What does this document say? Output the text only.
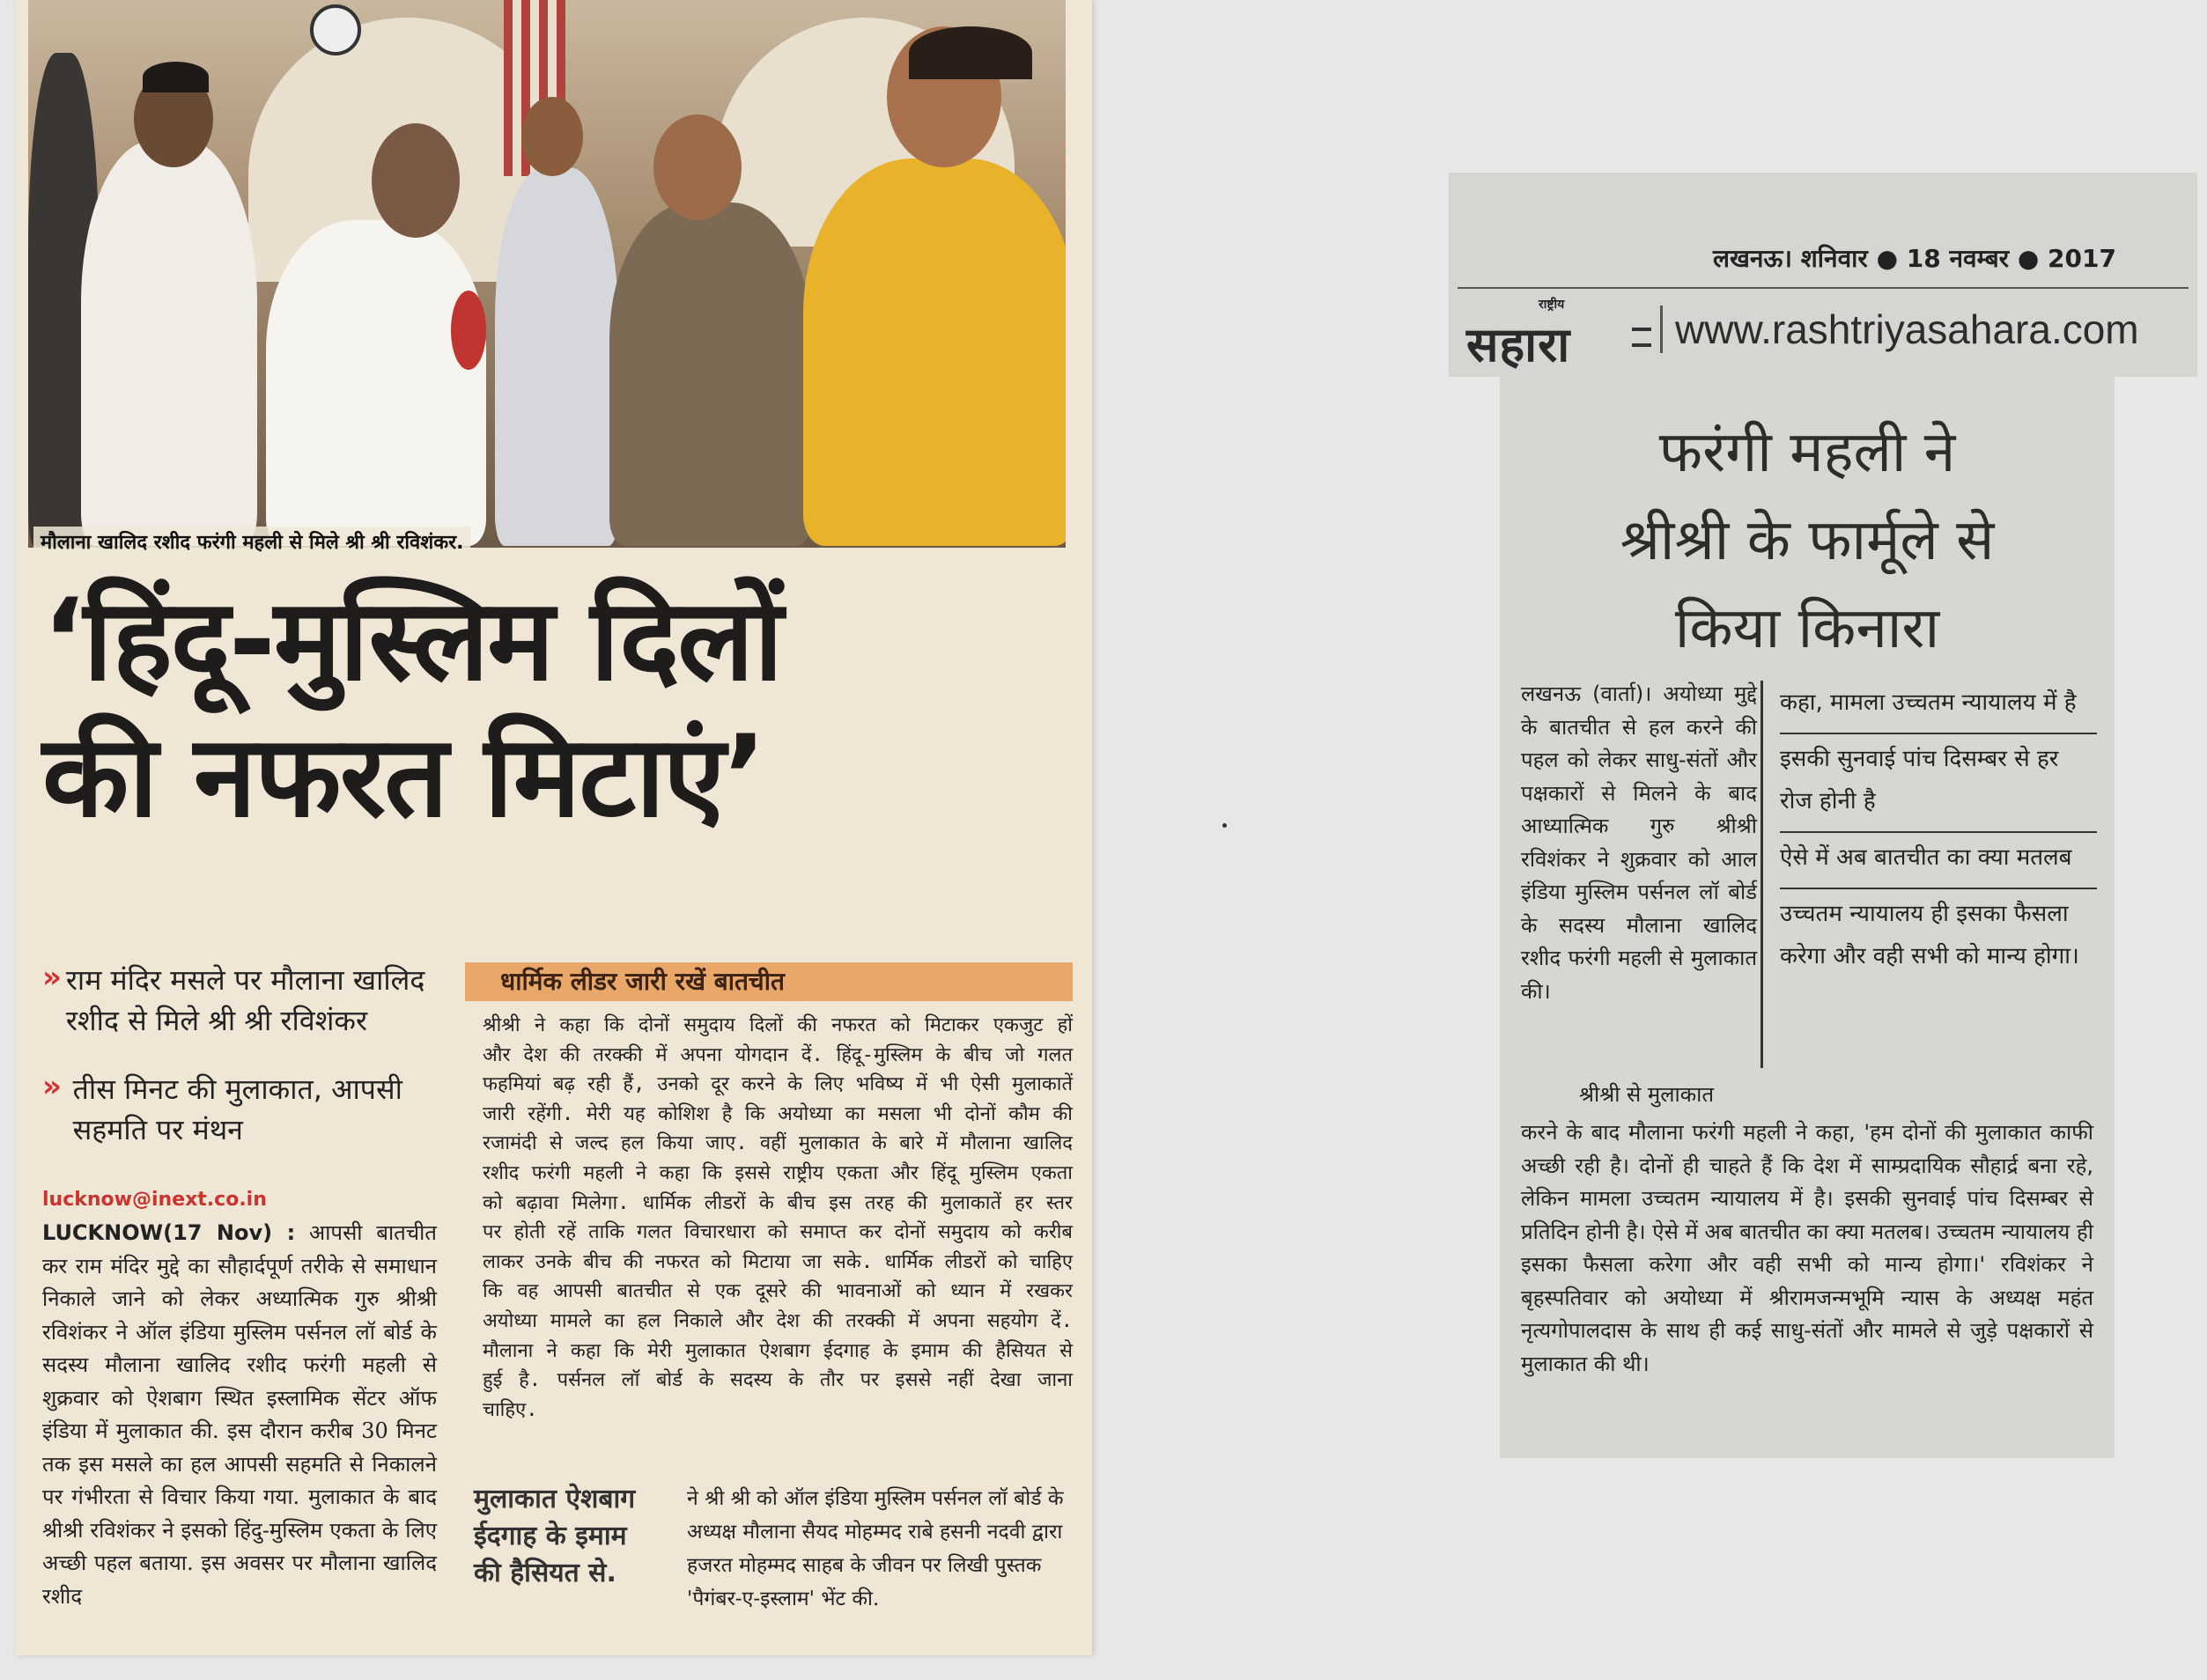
मौलाना खालिद रशीद फरंगी महली से मिले श्री श्री रविशंकर.
‘हिंदू-मुस्लिम दिलों
की नफरत मिटाएं’
» राम मंदिर मसले पर मौलाना खालिद रशीद से मिले श्री श्री रविशंकर
» तीस मिनट की मुलाकात, आपसी सहमति पर मंथन
lucknow@inext.co.in
LUCKNOW(17 Nov) : आपसी बातचीत कर राम मंदिर मुद्दे का सौहार्दपूर्ण तरीके से समाधान निकाले जाने को लेकर अध्यात्मिक गुरु श्रीश्री रविशंकर ने ऑल इंडिया मुस्लिम पर्सनल लॉ बोर्ड के सदस्य मौलाना खालिद रशीद फरंगी महली से शुक्रवार को ऐशबाग स्थित इस्लामिक सेंटर ऑफ इंडिया में मुलाकात की. इस दौरान करीब 30 मिनट तक इस मसले का हल आपसी सहमति से निकालने पर गंभीरता से विचार किया गया. मुलाकात के बाद श्रीश्री रविशंकर ने इसको हिंदु-मुस्लिम एकता के लिए अच्छी पहल बताया. इस अवसर पर मौलाना खालिद रशीद
धार्मिक लीडर जारी रखें बातचीत
श्रीश्री ने कहा कि दोनों समुदाय दिलों की नफरत को मिटाकर एकजुट हों और देश की तरक्की में अपना योगदान दें. हिंदू-मुस्लिम के बीच जो गलत फहमियां बढ़ रही हैं, उनको दूर करने के लिए भविष्य में भी ऐसी मुलाकातें जारी रहेंगी. मेरी यह कोशिश है कि अयोध्या का मसला भी दोनों कौम की रजामंदी से जल्द हल किया जाए. वहीं मुलाकात के बारे में मौलाना खालिद रशीद फरंगी महली ने कहा कि इससे राष्ट्रीय एकता और हिंदू मुस्लिम एकता को बढ़ावा मिलेगा. धार्मिक लीडरों के बीच इस तरह की मुलाकातें हर स्तर पर होती रहें ताकि गलत विचारधारा को समाप्त कर दोनों समुदाय को करीब लाकर उनके बीच की नफरत को मिटाया जा सके. धार्मिक लीडरों को चाहिए कि वह आपसी बातचीत से एक दूसरे की भावनाओं को ध्यान में रखकर अयोध्या मामले का हल निकाले और देश की तरक्की में अपना सहयोग दें. मौलाना ने कहा कि मेरी मुलाकात ऐशबाग ईदगाह के इमाम की हैसियत से हुई है. पर्सनल लॉ बोर्ड के सदस्य के तौर पर इससे नहीं देखा जाना चाहिए.
मुलाकात ऐशबाग ईदगाह के इमाम की हैसियत से.
ने श्री श्री को ऑल इंडिया मुस्लिम पर्सनल लॉ बोर्ड के अध्यक्ष मौलाना सैयद मोहम्मद राबे हसनी नदवी द्वारा हजरत मोहम्मद साहब के जीवन पर लिखी पुस्तक 'पैगंबर-ए-इस्लाम' भेंट की.
लखनऊ। शनिवार ● 18 नवम्बर ● 2017
राष्ट्रीय
सहारा	www.rashtriyasahara.com
फरंगी महली ने
श्रीश्री के फार्मूले से
किया किनारा
लखनऊ (वार्ता)। अयोध्या मुद्दे के बातचीत से हल करने की पहल को लेकर साधु-संतों और पक्षकारों से मिलने के बाद आध्यात्मिक गुरु श्रीश्री रविशंकर ने शुक्रवार को आल इंडिया मुस्लिम पर्सनल लॉ बोर्ड के सदस्य मौलाना खालिद रशीद फरंगी महली से मुलाकात की।
कहा, मामला उच्चतम न्यायालय में है
इसकी सुनवाई पांच दिसम्बर से हर रोज होनी है
ऐसे में अब बातचीत का क्या मतलब
उच्चतम न्यायालय ही इसका फैसला करेगा और वही सभी को मान्य होगा।
श्रीश्री से मुलाकात
करने के बाद मौलाना फरंगी महली ने कहा, 'हम दोनों की मुलाकात काफी अच्छी रही है। दोनों ही चाहते हैं कि देश में साम्प्रदायिक सौहार्द्र बना रहे, लेकिन मामला उच्चतम न्यायालय में है। इसकी सुनवाई पांच दिसम्बर से प्रतिदिन होनी है। ऐसे में अब बातचीत का क्या मतलब। उच्चतम न्यायालय ही इसका फैसला करेगा और वही सभी को मान्य होगा।' रविशंकर ने बृहस्पतिवार को अयोध्या में श्रीरामजन्मभूमि न्यास के अध्यक्ष महंत नृत्यगोपालदास के साथ ही कई साधु-संतों और मामले से जुड़े पक्षकारों से मुलाकात की थी।
